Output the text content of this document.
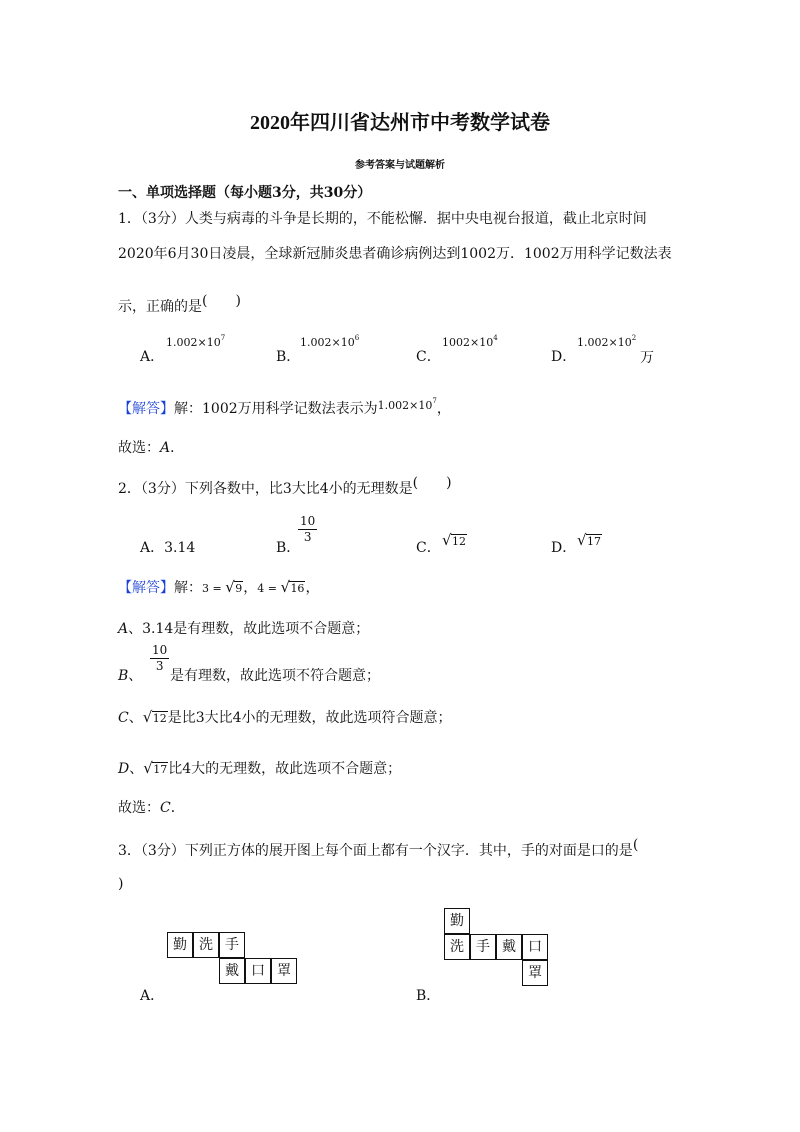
2020年四川省达州市中考数学试卷
参考答案与试题解析
一、单项选择题（每小题3分，共30分）
1．（3分）人类与病毒的斗争是长期的，不能松懈．据中央电视台报道，截止北京时间
2020年6月30日凌晨，全球新冠肺炎患者确诊病例达到1002万．1002万用科学记数法表
示，正确的是(　　)
A．
$1.002\times 10^7$
B．
$1.002\times 10^6$
C．
$1002\times 10^4$
D．
$1.002\times 10^2$
万
【解答】解：1002万用科学记数法表示为$^{1.002\times 10^7}$，
故选：A．
2．（3分）下列各数中，比3大比4小的无理数是(　　)
A．3.14	B．
$\frac{10}{3}$
C．	√ 12	D． √ 17
【解答】解：3 = √ 9，4 = √ 16，
A、3.14是有理数，故此选项不合题意；
B、
$\frac{10}{3}$
是有理数，故此选项不符合题意；
C、 √ 12是比3大比4小的无理数，故此选项符合题意；
D、 √ 17比4大的无理数，故此选项不合题意；
故选：C．
3．（3分）下列正方体的展开图上每个面上都有一个汉字．其中，手的对面是口的是(
)
勤 洗 手
戴 口 罩
A．
勤
洗 手 戴 口
罩
B．
